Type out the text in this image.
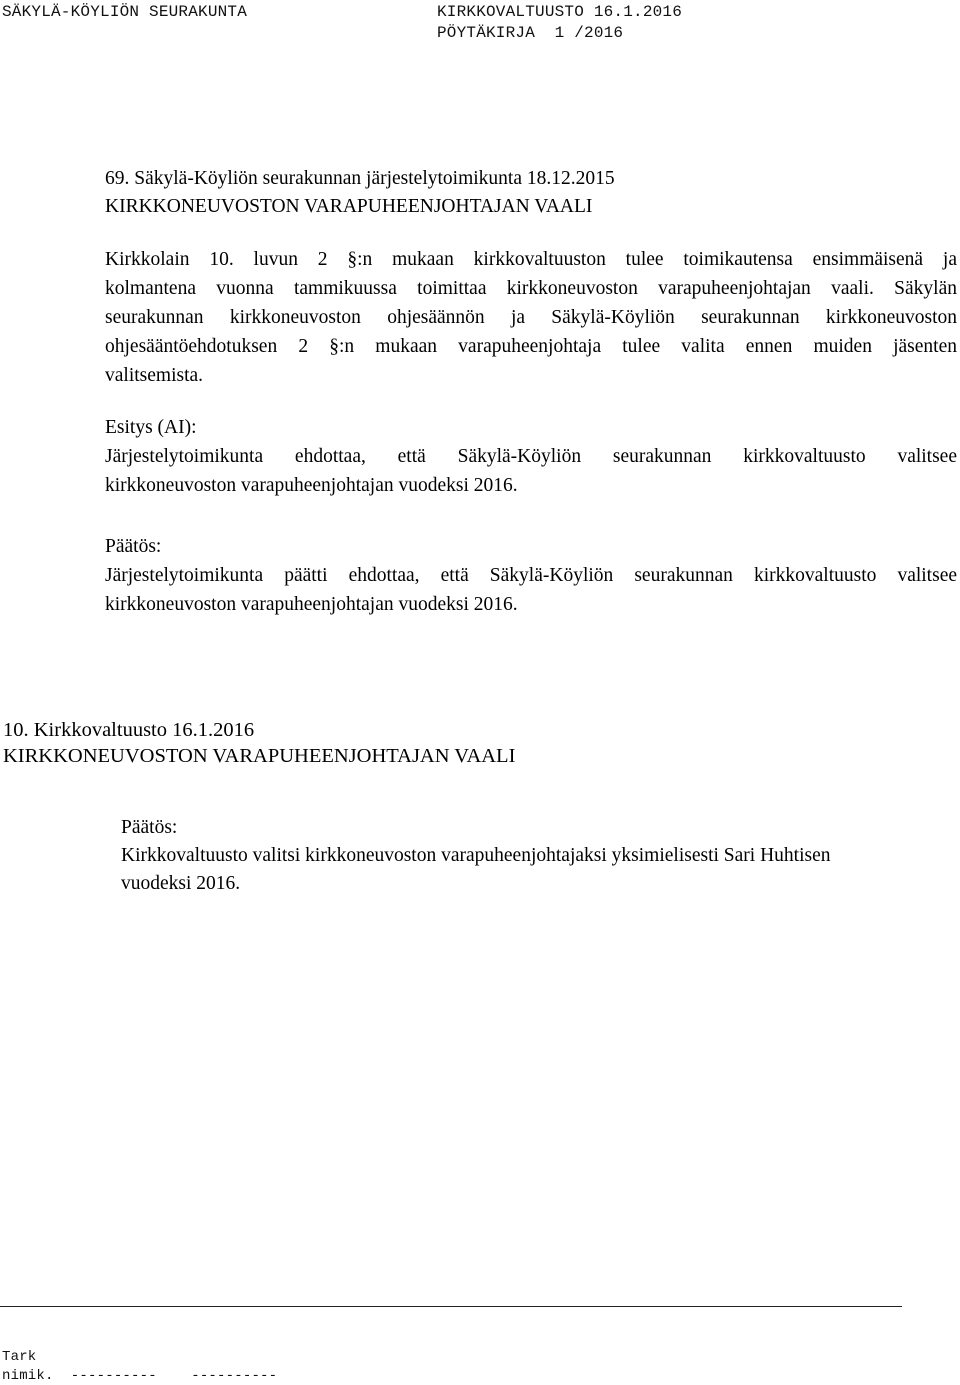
SÄKYLÄ-KÖYLIÖN SEURAKUNTA	KIRKKOVALTUUSTO 16.1.2016
PÖYTÄKIRJA  1 /2016
69. Säkylä-Köyliön seurakunnan järjestelytoimikunta 18.12.2015
KIRKKONEUVOSTON VARAPUHEENJOHTAJAN VAALI
Kirkkolain 10. luvun 2 §:n mukaan kirkkovaltuuston tulee toimikautensa ensimmäisenä ja
kolmantena vuonna tammikuussa toimittaa kirkkoneuvoston varapuheenjohtajan vaali. Säkylän
seurakunnan kirkkoneuvoston ohjesäännön ja Säkylä-Köyliön seurakunnan kirkkoneuvoston
ohjesääntöehdotuksen 2 §:n mukaan varapuheenjohtaja tulee valita ennen muiden jäsenten
valitsemista.
Esitys (AI):
Järjestelytoimikunta ehdottaa, että Säkylä-Köyliön seurakunnan kirkkovaltuusto valitsee
kirkkoneuvoston varapuheenjohtajan vuodeksi 2016.
Päätös:
Järjestelytoimikunta päätti ehdottaa, että Säkylä-Köyliön seurakunnan kirkkovaltuusto valitsee
kirkkoneuvoston varapuheenjohtajan vuodeksi 2016.
10. Kirkkovaltuusto 16.1.2016
KIRKKONEUVOSTON VARAPUHEENJOHTAJAN VAALI
Päätös:
Kirkkovaltuusto valitsi kirkkoneuvoston varapuheenjohtajaksi yksimielisesti Sari Huhtisen
vuodeksi 2016.
Tark
nimik.  ----------    ----------
